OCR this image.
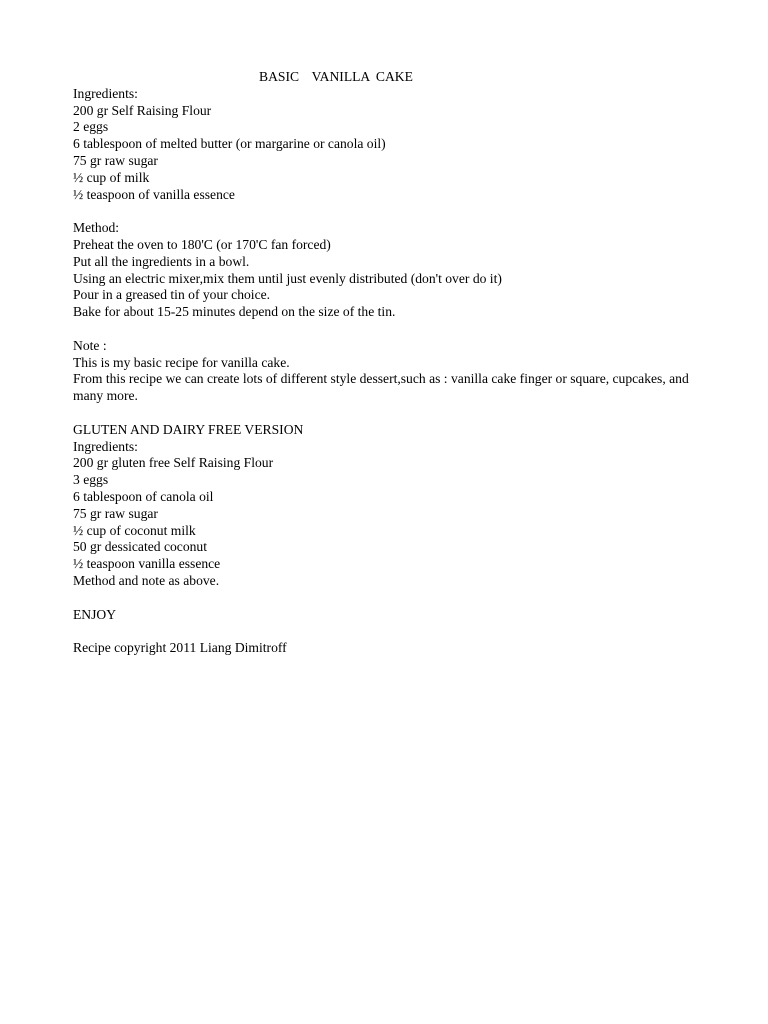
BASIC  VANILLA CAKE
Ingredients:
200 gr Self Raising Flour
2 eggs
6 tablespoon of melted butter (or margarine or canola oil)
75 gr raw sugar
½ cup of milk
½ teaspoon of vanilla essence
Method:
Preheat the oven to 180'C (or 170'C fan forced)
Put all the ingredients in a bowl.
Using an electric mixer,mix them until just evenly distributed (don't over do it)
Pour in a greased tin of your choice.
Bake for about 15-25 minutes depend on the size of the tin.
Note :
This is my basic recipe for vanilla cake.
From this recipe we can create lots of different style dessert,such as : vanilla cake finger or square, cupcakes, and many more.
GLUTEN AND DAIRY FREE VERSION
Ingredients:
200 gr gluten free Self Raising Flour
3 eggs
6 tablespoon of canola oil
75 gr raw sugar
½ cup of coconut milk
50 gr dessicated coconut
½ teaspoon vanilla essence
Method and note as above.
ENJOY
Recipe copyright 2011 Liang Dimitroff
